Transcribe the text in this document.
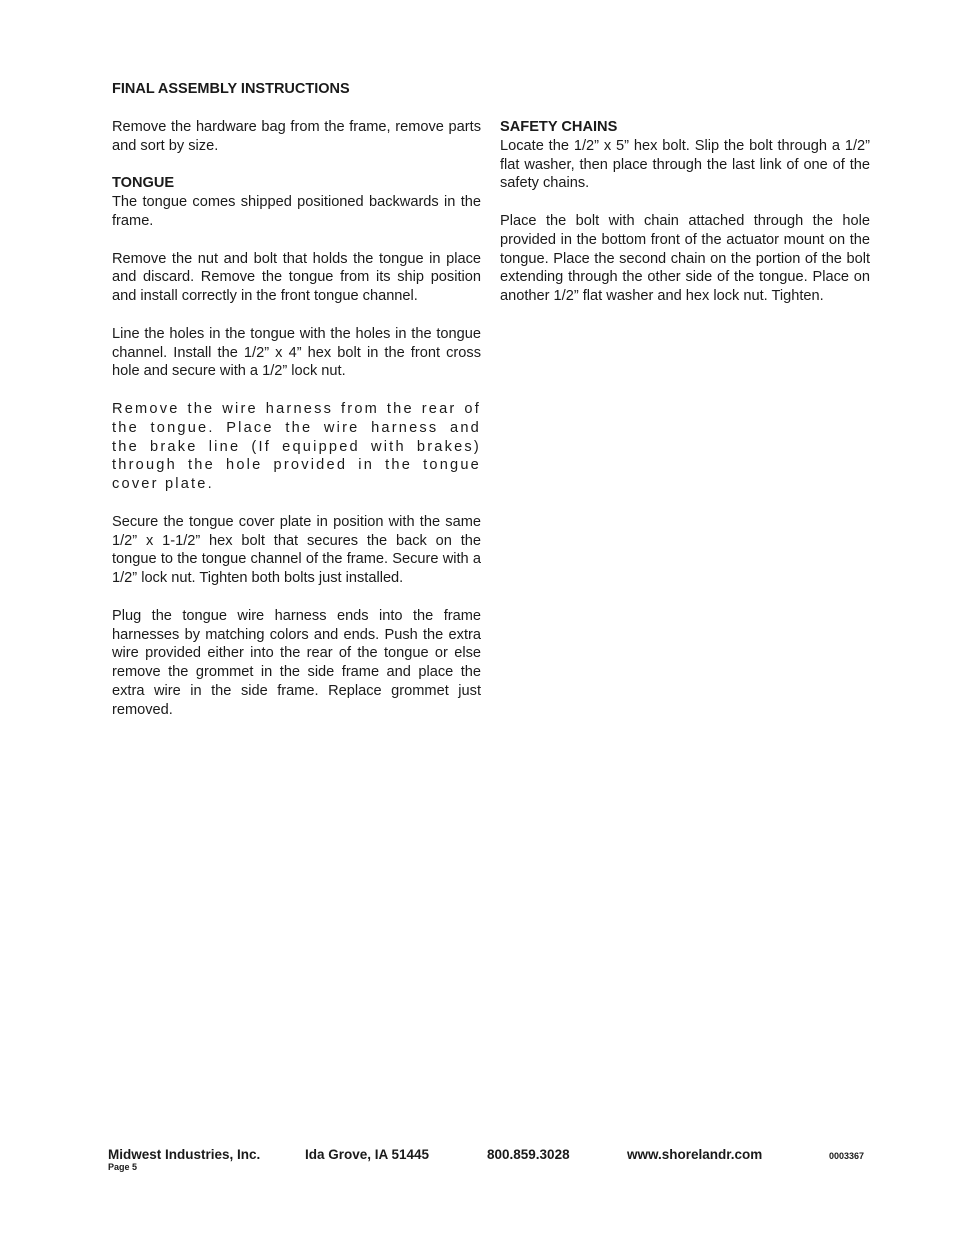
FINAL ASSEMBLY INSTRUCTIONS

Remove the hardware bag from the frame, remove parts and sort by size.

TONGUE

The tongue comes shipped positioned backwards in the frame.

Remove the nut and bolt that holds the tongue in place and discard. Remove the tongue from its ship position and install correctly in the front tongue channel.

Line the holes in the tongue with the holes in the tongue channel. Install the 1/2” x 4” hex bolt in the front cross hole and secure with a 1/2” lock nut.

Remove the wire harness from the rear of the tongue. Place the wire harness and the brake line (If equipped with brakes) through the hole provided in the tongue cover plate.

Secure the tongue cover plate in position with the same 1/2” x 1-1/2” hex bolt that secures the back on the tongue to the tongue channel of the frame. Secure with a 1/2” lock nut. Tighten both bolts just installed.

Plug the tongue wire harness ends into the frame harnesses by matching colors and ends. Push the extra wire provided either into the rear of the tongue or else remove the grommet in the side frame and place the extra wire in the side frame. Replace grommet just removed.

SAFETY CHAINS

Locate the 1/2” x 5” hex bolt. Slip the bolt through a 1/2” flat washer, then place through the last link of one of the safety chains.

Place the bolt with chain attached through the hole provided in the bottom front of the actuator mount on the tongue. Place the second chain on the portion of the bolt extending through the other side of the tongue. Place on another 1/2” flat washer and hex lock nut. Tighten.

Midwest Industries, Inc.	Ida Grove, IA 51445	800.859.3028	www.shorelandr.com	0003367
Page 5
